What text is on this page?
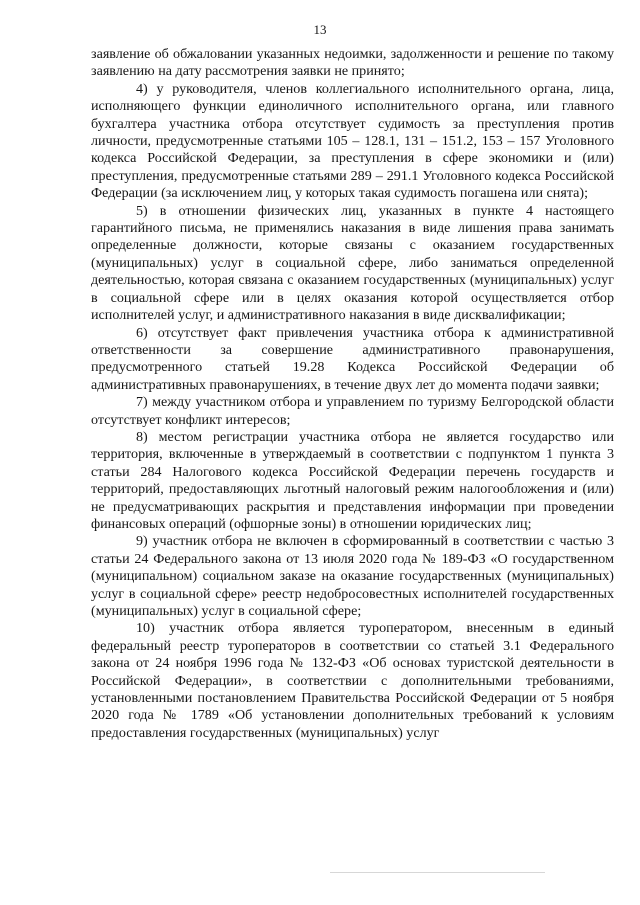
13

заявление об обжаловании указанных недоимки, задолженности и решение по такому заявлению на дату рассмотрения заявки не принято;

4) у руководителя, членов коллегиального исполнительного органа, лица, исполняющего функции единоличного исполнительного органа, или главного бухгалтера участника отбора отсутствует судимость за преступления против личности, предусмотренные статьями 105 – 128.1, 131 – 151.2, 153 – 157 Уголовного кодекса Российской Федерации, за преступления в сфере экономики и (или) преступления, предусмотренные статьями 289 – 291.1 Уголовного кодекса Российской Федерации (за исключением лиц, у которых такая судимость погашена или снята);

5) в отношении физических лиц, указанных в пункте 4 настоящего гарантийного письма, не применялись наказания в виде лишения права занимать определенные должности, которые связаны с оказанием государственных (муниципальных) услуг в социальной сфере, либо заниматься определенной деятельностью, которая связана с оказанием государственных (муниципальных) услуг в социальной сфере или в целях оказания которой осуществляется отбор исполнителей услуг, и административного наказания в виде дисквалификации;

6) отсутствует факт привлечения участника отбора к административной ответственности за совершение административного правонарушения, предусмотренного статьей 19.28 Кодекса Российской Федерации об административных правонарушениях, в течение двух лет до момента подачи заявки;

7) между участником отбора и управлением по туризму Белгородской области отсутствует конфликт интересов;

8) местом регистрации участника отбора не является государство или территория, включенные в утверждаемый в соответствии с подпунктом 1 пункта 3 статьи 284 Налогового кодекса Российской Федерации перечень государств и территорий, предоставляющих льготный налоговый режим налогообложения и (или) не предусматривающих раскрытия и представления информации при проведении финансовых операций (офшорные зоны) в отношении юридических лиц;

9) участник отбора не включен в сформированный в соответствии с частью 3 статьи 24 Федерального закона от 13 июля 2020 года № 189-ФЗ «О государственном (муниципальном) социальном заказе на оказание государственных (муниципальных) услуг в социальной сфере» реестр недобросовестных исполнителей государственных (муниципальных) услуг в социальной сфере;

10) участник отбора является туроператором, внесенным в единый федеральный реестр туроператоров в соответствии со статьей 3.1 Федерального закона от 24 ноября 1996 года № 132-ФЗ «Об основах туристской деятельности в Российской Федерации», в соответствии с дополнительными требованиями, установленными постановлением Правительства Российской Федерации от 5 ноября 2020 года № 1789 «Об установлении дополнительных требований к условиям предоставления государственных (муниципальных) услуг
